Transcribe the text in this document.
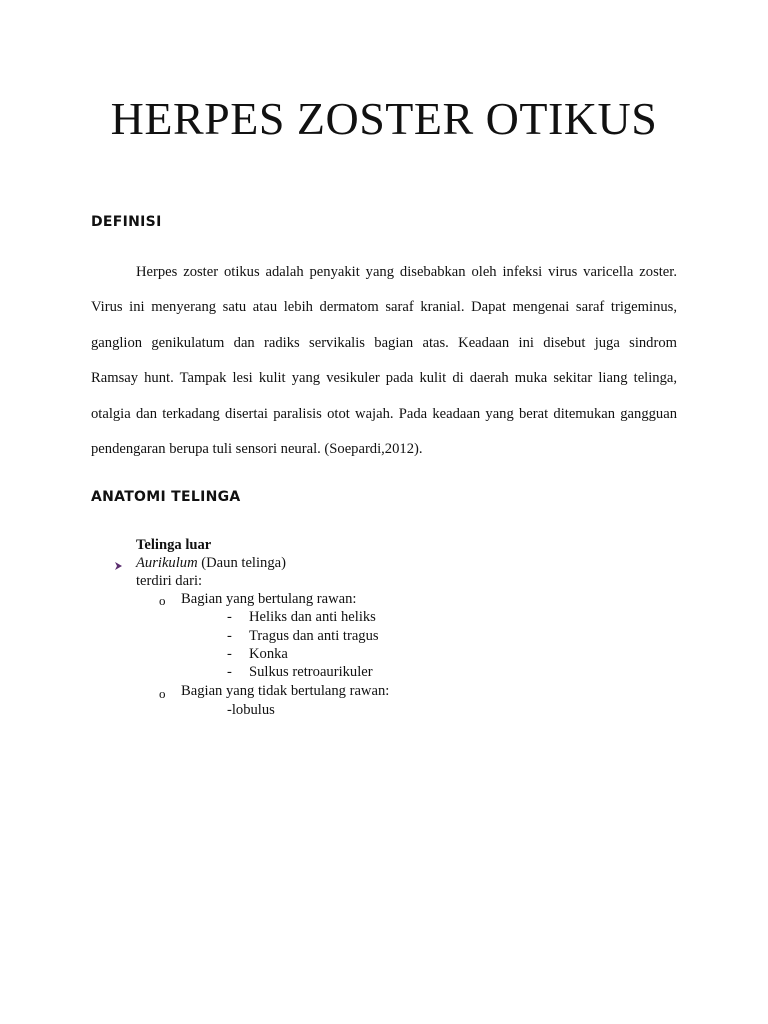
HERPES ZOSTER OTIKUS
DEFINISI
Herpes zoster otikus adalah penyakit yang disebabkan oleh infeksi virus varicella zoster.
Virus ini menyerang satu atau lebih dermatom saraf kranial. Dapat mengenai saraf trigeminus,
ganglion genikulatum dan radiks servikalis bagian atas. Keadaan ini disebut juga sindrom
Ramsay hunt. Tampak lesi kulit yang vesikuler pada kulit di daerah muka sekitar liang telinga,
otalgia dan terkadang disertai paralisis otot wajah. Pada keadaan yang berat ditemukan gangguan
pendengaran berupa tuli sensori neural. (Soepardi,2012).
ANATOMI TELINGA
Telinga luar
Aurikulum (Daun telinga)
terdiri dari:
o Bagian yang bertulang rawan:
- Heliks dan anti heliks
- Tragus dan anti tragus
- Konka
- Sulkus retroaurikuler
o Bagian yang tidak bertulang rawan:
-lobulus
